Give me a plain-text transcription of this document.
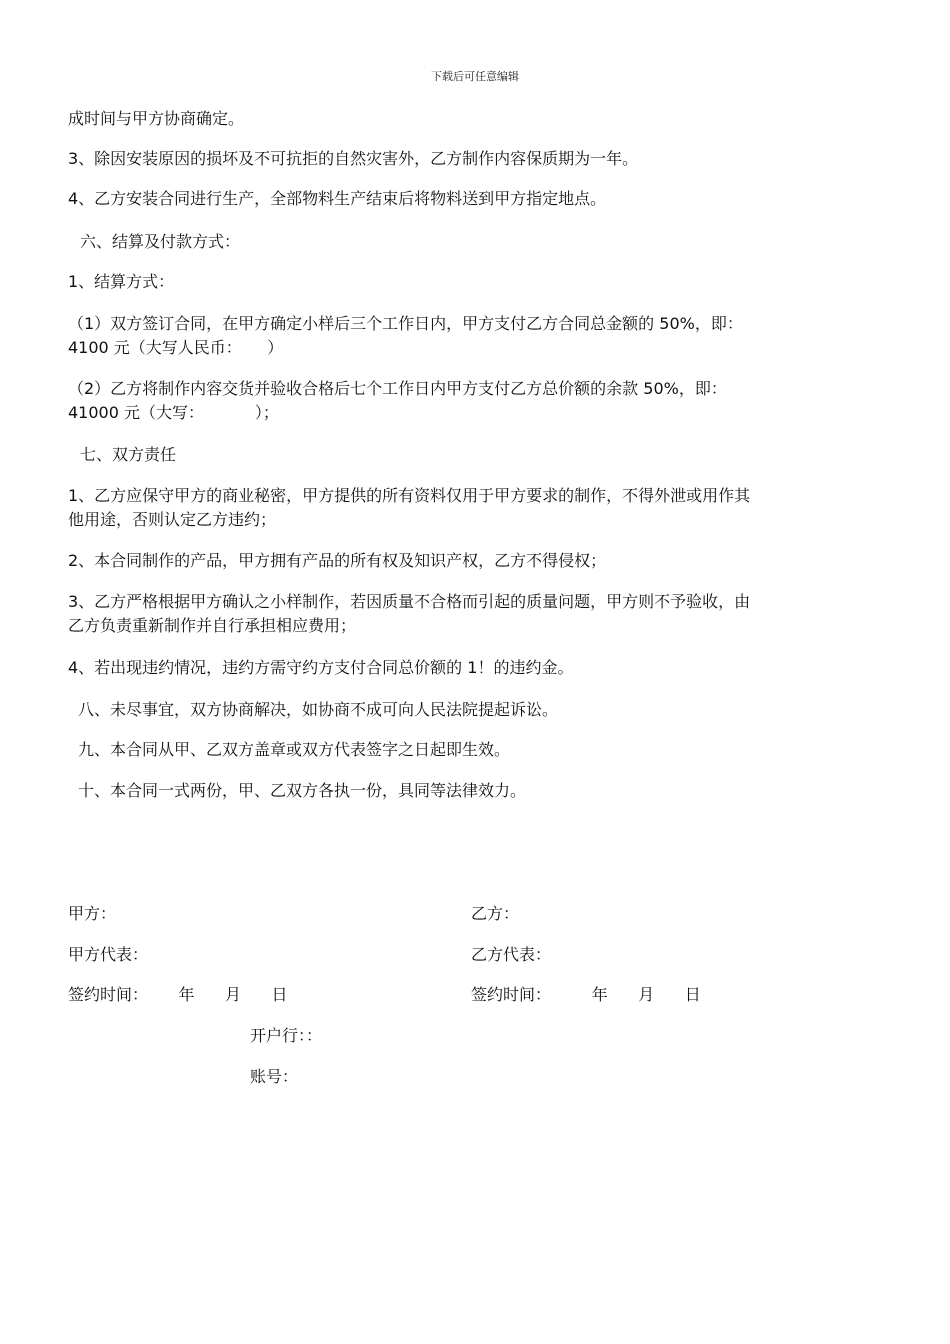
下载后可任意编辑
成时间与甲方协商确定。
3、除因安装原因的损坏及不可抗拒的自然灾害外，乙方制作内容保质期为一年。
4、乙方安装合同进行生产，全部物料生产结束后将物料送到甲方指定地点。
六、结算及付款方式：
1、结算方式：
（1）双方签订合同，在甲方确定小样后三个工作日内，甲方支付乙方合同总金额的 50%，即：
4100 元（大写人民币：     ）
（2）乙方将制作内容交货并验收合格后七个工作日内甲方支付乙方总价额的余款 50%，即：
41000 元（大写：          ）；
七、双方责任
1、乙方应保守甲方的商业秘密，甲方提供的所有资料仅用于甲方要求的制作，不得外泄或用作其
他用途，否则认定乙方违约；
2、本合同制作的产品，甲方拥有产品的所有权及知识产权，乙方不得侵权；
3、乙方严格根据甲方确认之小样制作，若因质量不合格而引起的质量问题，甲方则不予验收，由
乙方负责重新制作并自行承担相应费用；
4、若出现违约情况，违约方需守约方支付合同总价额的 1！的违约金。
八、未尽事宜，双方协商解决，如协商不成可向人民法院提起诉讼。
九、本合同从甲、乙双方盖章或双方代表签字之日起即生效。
十、本合同一式两份，甲、乙双方各执一份，具同等法律效力。
甲方：	乙方：
甲方代表：	乙方代表：
签约时间：      年      月      日	签约时间：        年      月      日
开户行：：
账号：
